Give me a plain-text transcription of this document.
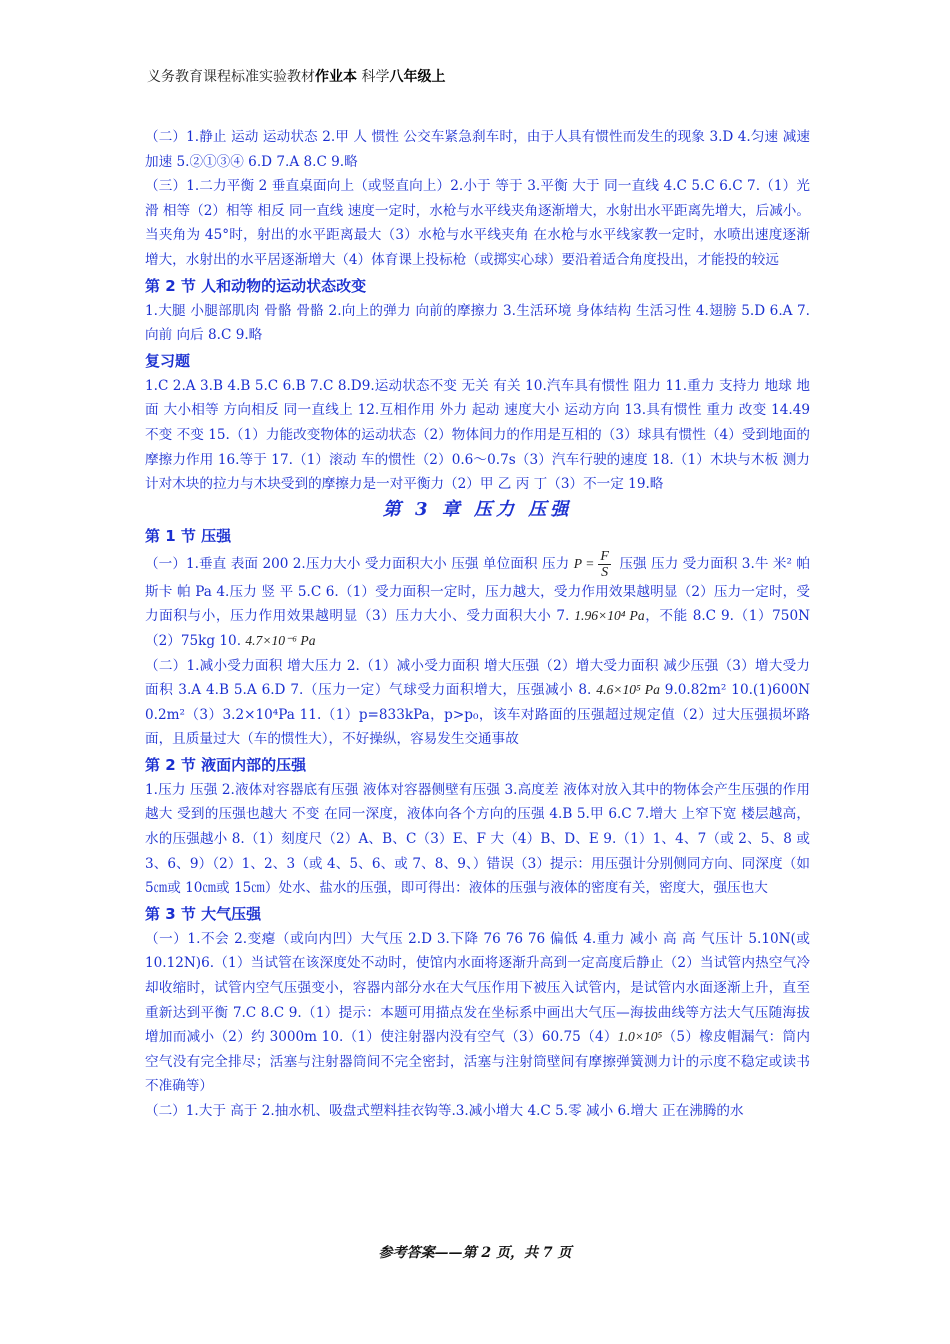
义务教育课程标准实验教材作业本 科学八年级上

（二）1.静止 运动 运动状态 2.甲 人 惯性 公交车紧急刹车时，由于人具有惯性而发生的现象 3.D 4.匀速 减速 加速 5.②①③④ 6.D 7.A 8.C 9.略

（三）1.二力平衡 2 垂直桌面向上（或竖直向上）2.小于 等于 3.平衡 大于 同一直线 4.C 5.C 6.C 7.（1）光滑 相等（2）相等 相反 同一直线 速度一定时，水枪与水平线夹角逐渐增大，水射出水平距离先增大，后减小。当夹角为 45°时，射出的水平距离最大（3）水枪与水平线夹角 在水枪与水平线家教一定时，水喷出速度逐渐增大，水射出的水平居逐渐增大（4）体育课上投标枪（或掷实心球）要沿着适合角度投出，才能投的较远

第 2 节 人和动物的运动状态改变

1.大腿 小腿部肌肉 骨骼 骨骼 2.向上的弹力 向前的摩擦力 3.生活环境 身体结构 生活习性 4.翅膀 5.D 6.A 7.向前 向后 8.C 9.略

复习题

1.C 2.A 3.B 4.B 5.C 6.B 7.C 8.D9.运动状态不变 无关 有关 10.汽车具有惯性 阻力 11.重力 支持力 地球 地面 大小相等 方向相反 同一直线上 12.互相作用 外力 起动 速度大小 运动方向 13.具有惯性 重力 改变 14.49 不变 不变 15.（1）力能改变物体的运动状态（2）物体间力的作用是互相的（3）球具有惯性（4）受到地面的摩擦力作用 16.等于 17.（1）滚动 车的惯性（2）0.6～0.7s（3）汽车行驶的速度 18.（1）木块与木板 测力计对木块的拉力与木块受到的摩擦力是一对平衡力（2）甲 乙 丙 丁（3）不一定 19.略

第 3 章 压力 压强
第 1 节 压强

（一）1.垂直 表面 200 2.压力大小 受力面积大小 压强 单位面积 压力 $P = \frac{F}{S}$ 压强 压力 受力面积 3.牛 米² 帕斯卡 帕 Pa 4.压力 竖 平 5.C 6.（1）受力面积一定时，压力越大，受力作用效果越明显（2）压力一定时，受力面积与小，压力作用效果越明显（3）压力大小、受力面积大小 7. 1.96×10⁴ Pa，不能 8.C 9.（1）750N （2）75kg 10. 4.7×10⁻⁶ Pa

（二）1.减小受力面积 增大压力 2.（1）减小受力面积 增大压强（2）增大受力面积 减少压强（3）增大受力面积 3.A 4.B 5.A 6.D 7.（压力一定）气球受力面积增大，压强减小 8. 4.6×10⁵ Pa 9.0.82m² 10.(1)600N 0.2m²（3）3.2×10⁴Pa 11.（1）p=833kPa，p>p₀，该车对路面的压强超过规定值（2）过大压强损坏路面，且质量过大（车的惯性大），不好操纵，容易发生交通事故

第 2 节 液面内部的压强

1.压力 压强 2.液体对容器底有压强 液体对容器侧壁有压强 3.高度差 液体对放入其中的物体会产生压强的作用 越大 受到的压强也越大 不变 在同一深度，液体向各个方向的压强 4.B 5.甲 6.C 7.增大 上窄下宽 楼层越高，水的压强越小 8.（1）刻度尺（2）A、B、C（3）E、F 大（4）B、D、E 9.（1）1、4、7（或 2、5、8 或 3、6、9）（2）1、2、3（或 4、5、6、或 7、8、9、）错误（3）提示：用压强计分别侧同方向、同深度（如 5㎝或 10㎝或 15㎝）处水、盐水的压强，即可得出：液体的压强与液体的密度有关，密度大，强压也大

第 3 节 大气压强

（一）1.不会 2.变瘪（或向内凹）大气压 2.D 3.下降 76 76 76 偏低 4.重力 减小 高 高 气压计 5.10N(或 10.12N)6.（1）当试管在该深度处不动时，使馆内水面将逐渐升高到一定高度后静止（2）当试管内热空气冷却收缩时，试管内空气压强变小，容器内部分水在大气压作用下被压入试管内，是试管内水面逐渐上升，直至重新达到平衡 7.C 8.C 9.（1）提示：本题可用描点发在坐标系中画出大气压—海拔曲线等方法大气压随海拔增加而减小（2）约 3000m 10.（1）使注射器内没有空气（3）60.75（4）1.0×10⁵（5）橡皮帽漏气：筒内空气没有完全排尽；活塞与注射器筒间不完全密封，活塞与注射筒壁间有摩擦弹簧测力计的示度不稳定或读书不准确等）

（二）1.大于 高于 2.抽水机、吸盘式塑料挂衣钩等.3.减小增大 4.C 5.零 减小 6.增大 正在沸腾的水

参考答案——第 2 页，共 7 页
